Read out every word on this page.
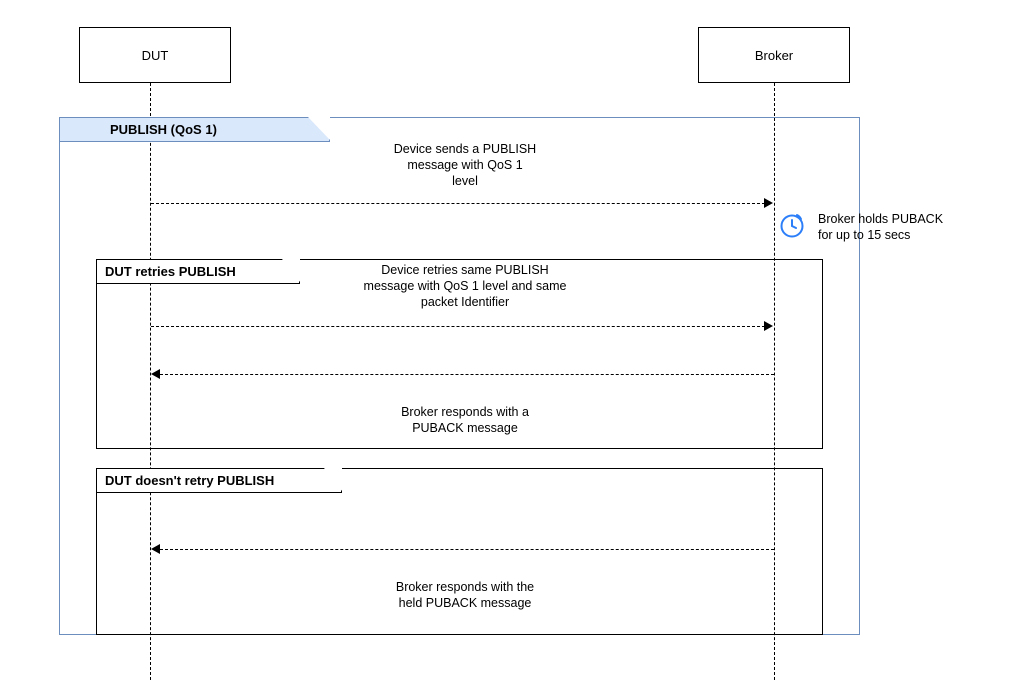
DUT	Broker
PUBLISH (QoS 1)
Device sends a PUBLISH
message with QoS 1
level
Broker holds PUBACK
for up to 15 secs
DUT retries PUBLISH	Device retries same PUBLISH
message with QoS 1 level and same
packet Identifier
Broker responds with a
PUBACK message
DUT doesn't retry PUBLISH
Broker responds with the
held PUBACK message
